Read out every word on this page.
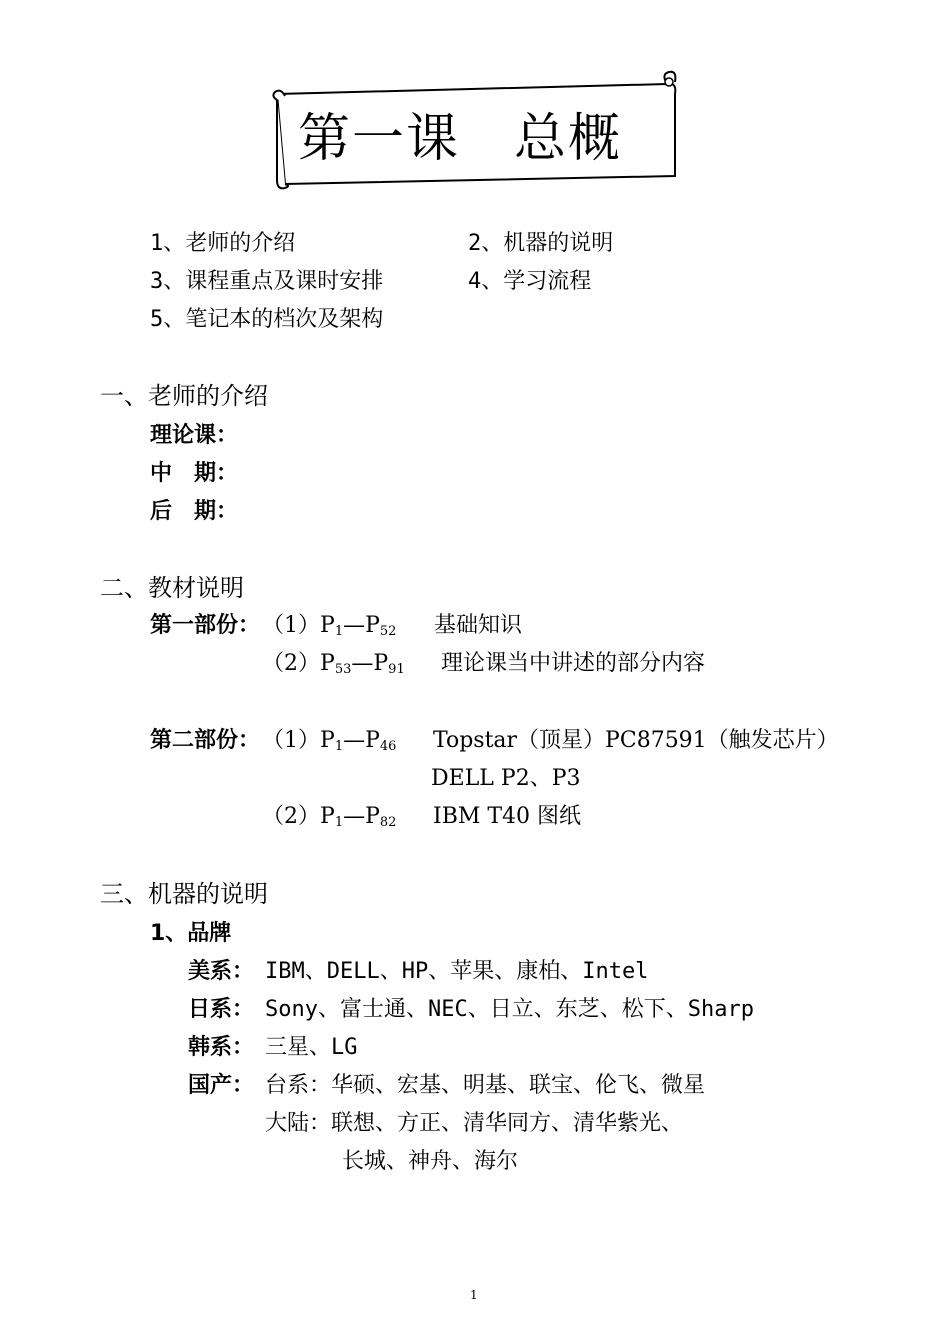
第一课　总概
1、老师的介绍	2、机器的说明
3、课程重点及课时安排	4、学习流程
5、笔记本的档次及架构
一、老师的介绍
理论课：
中　期：
后　期：
二、教材说明
第一部份： $(1)P_1—P_{52}$ 基础知识
$(2)P_{53}—P_{91}$ 理论课当中讲述的部分内容
第二部份： $(1)P_1—P_{46}$ Topstar（顶星）PC87591（触发芯片）
DELL P2、P3
$(2)P_1—P_{82}$ IBM T40 图纸
三、机器的说明
1、品牌
美系： IBM、DELL、HP、苹果、康柏、Intel
日系： Sony、富士通、NEC、日立、东芝、松下、Sharp
韩系： 三星、LG
国产： 台系：华硕、宏基、明基、联宝、伦飞、微星
大陆：联想、方正、清华同方、清华紫光、
长城、神舟、海尔
1
